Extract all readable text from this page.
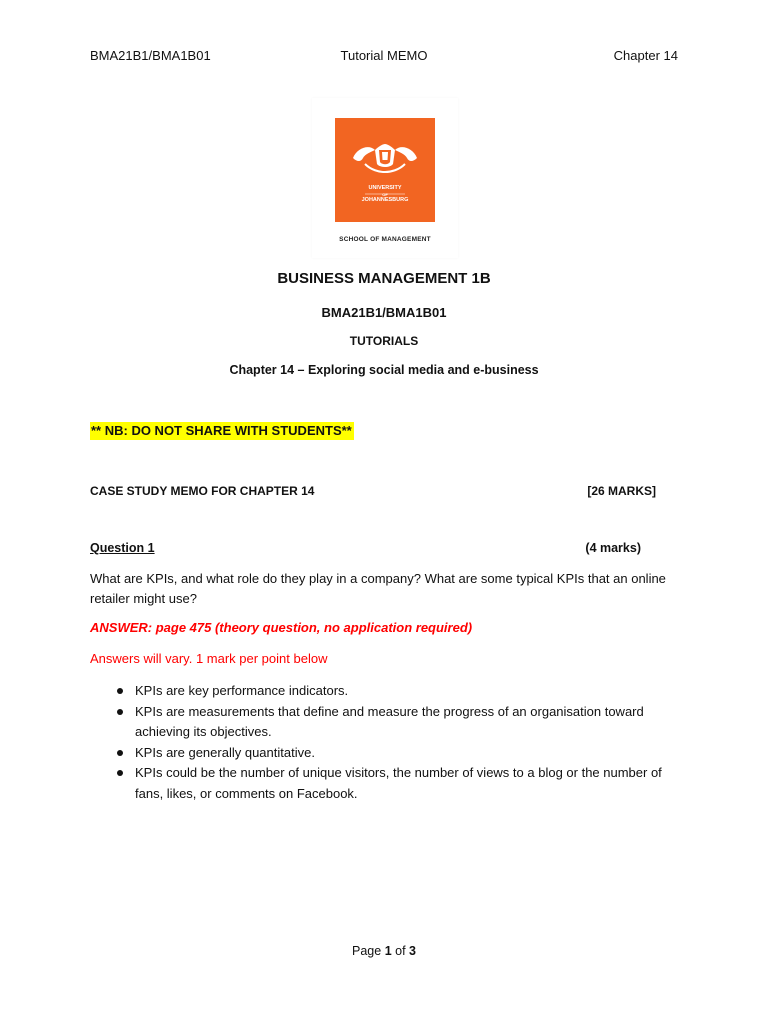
BMA21B1/BMA1B01	Tutorial MEMO	Chapter 14
UNIVERSITY
OF
JOHANNESBURG
SCHOOL OF MANAGEMENT
BUSINESS MANAGEMENT 1B
BMA21B1/BMA1B01
TUTORIALS
Chapter 14 – Exploring social media and e-business
** NB: DO NOT SHARE WITH STUDENTS**
CASE STUDY MEMO FOR CHAPTER 14	[26 MARKS]
Question 1	(4 marks)
What are KPIs, and what role do they play in a company? What are some typical KPIs that an online retailer might use?
ANSWER: page 475 (theory question, no application required)
Answers will vary. 1 mark per point below
KPIs are key performance indicators.
KPIs are measurements that define and measure the progress of an organisation toward achieving its objectives.
KPIs are generally quantitative.
KPIs could be the number of unique visitors, the number of views to a blog or the number of fans, likes, or comments on Facebook.
Page 1 of 3
